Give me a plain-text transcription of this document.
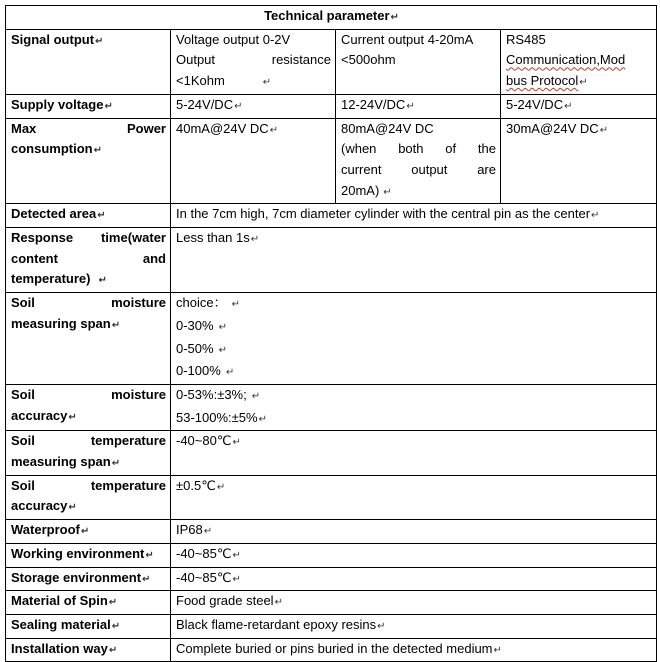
Technical parameter↵			
Signal output↵	Voltage output 0-2V
Output resistance
<1Kohm ↵	Current output 4-20mA
<500ohm	RS485
Communication,Mod
bus Protocol↵

Supply voltage↵	5-24V/DC↵	12-24V/DC↵	5-24V/DC↵

Max Power
consumption↵	40mA@24V DC↵	80mA@24V DC
(when both of the
current output are
20mA) ↵	30mA@24V DC↵
Detected area↵	In the 7cm high, 7cm diameter cylinder with the central pin as the center↵		

Response time(water
content and
temperature) ↵	Less than 1s↵		

Soil moisture
measuring span↵	choice： ↵
0-30% ↵
0-50% ↵
0-100% ↵		

Soil moisture
accuracy↵	0-53%:±3%; ↵
53-100%:±5%↵		

Soil temperature
measuring span↵	-40~80℃↵		

Soil temperature
accuracy↵	±0.5℃↵		
Waterproof↵	IP68↵		
Working environment↵	-40~85℃↵		
Storage environment↵	-40~85℃↵		
Material of Spin↵	Food grade steel↵		
Sealing material↵	Black flame-retardant epoxy resins↵		
Installation way↵	Complete buried or pins buried in the detected medium↵		
